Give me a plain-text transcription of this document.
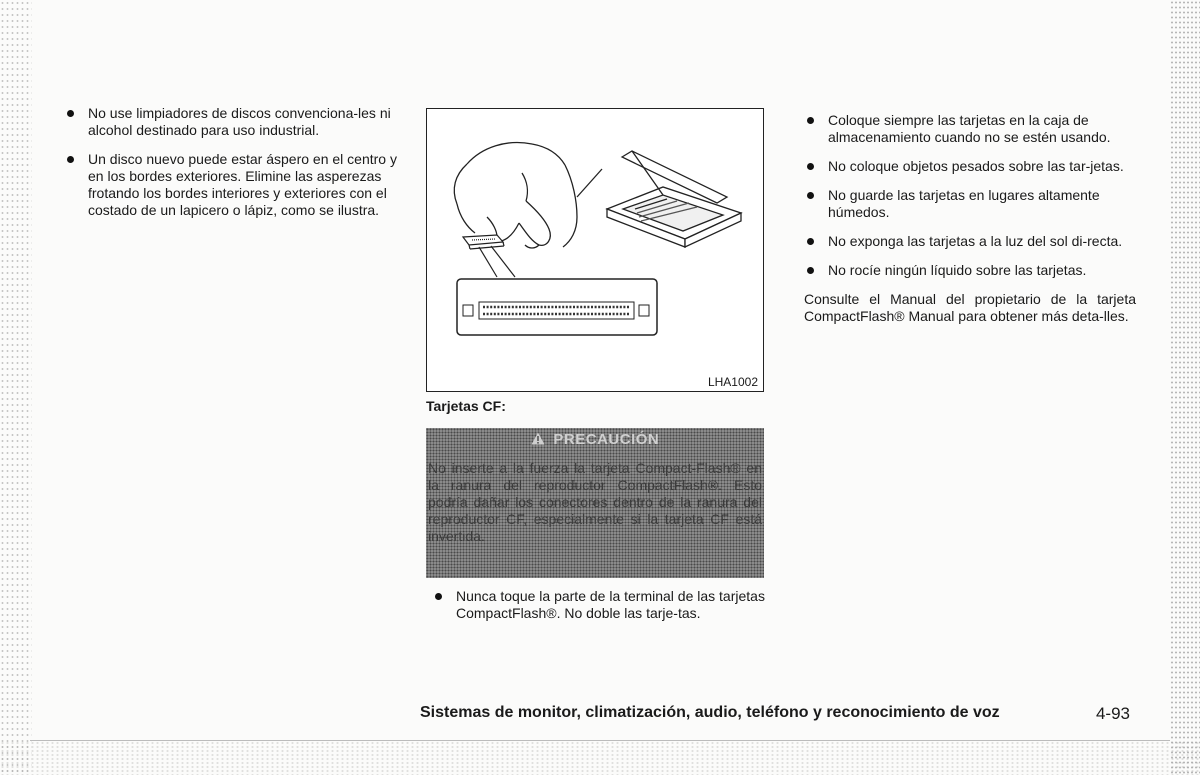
No use limpiadores de discos convenciona-les ni alcohol destinado para uso industrial.
Un disco nuevo puede estar áspero en el centro y en los bordes exteriores. Elimine las asperezas frotando los bordes interiores y exteriores con el costado de un lapicero o lápiz, como se ilustra.
LHA1002
Tarjetas CF:
PRECAUCIÓN
No inserte a la fuerza la tarjeta Compact-Flash® en la ranura del reproductor CompactFlash®. Esto podría dañar los conectores dentro de la ranura del reproductor CF, especialmente si la tarjeta CF está invertida.
Nunca toque la parte de la terminal de las tarjetas CompactFlash®. No doble las tarje-tas.
Coloque siempre las tarjetas en la caja de almacenamiento cuando no se estén usando.
No coloque objetos pesados sobre las tar-jetas.
No guarde las tarjetas en lugares altamente húmedos.
No exponga las tarjetas a la luz del sol di-recta.
No rocíe ningún líquido sobre las tarjetas.

Consulte el Manual del propietario de la tarjeta CompactFlash® Manual para obtener más deta-lles.

Sistemas de monitor, climatización, audio, teléfono y reconocimiento de voz	4-93
